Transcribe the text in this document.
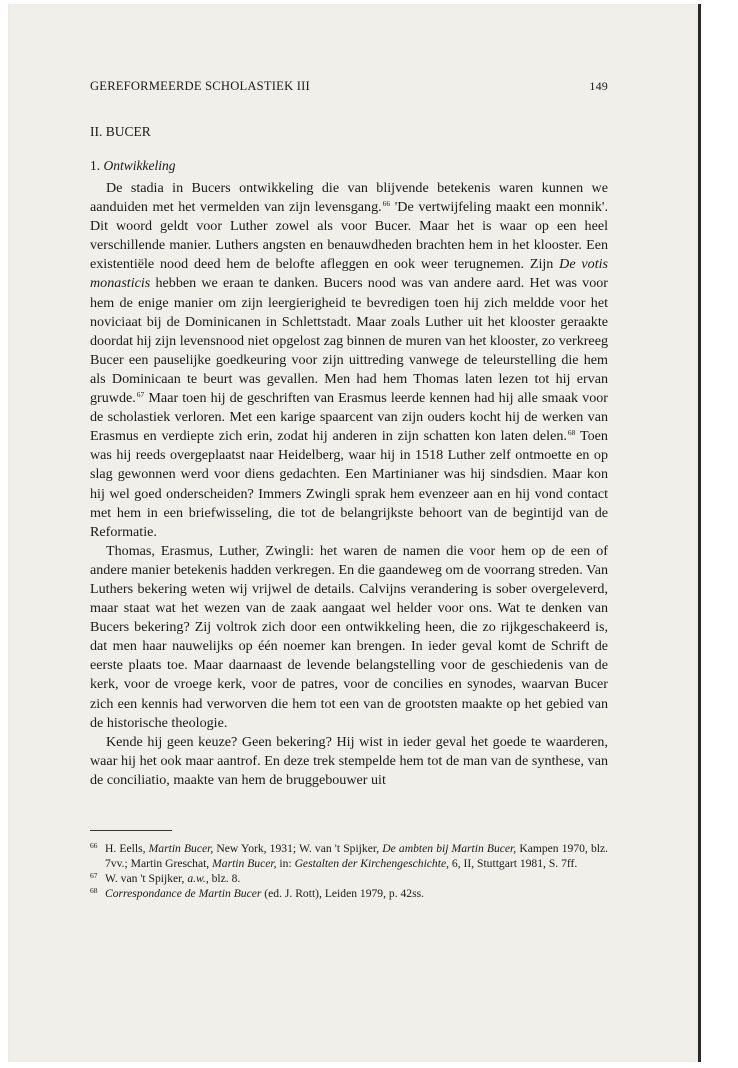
GEREFORMEERDE SCHOLASTIEK III	149
II. BUCER
1. Ontwikkeling

De stadia in Bucers ontwikkeling die van blijvende betekenis waren kunnen we aanduiden met het vermelden van zijn levensgang.$^{66}$ 'De vertwijfeling maakt een monnik'. Dit woord geldt voor Luther zowel als voor Bucer. Maar het is waar op een heel verschillende manier. Luthers angsten en benauwdheden brachten hem in het klooster. Een existentiële nood deed hem de belofte afleggen en ook weer terugnemen. Zijn De votis monasticis hebben we eraan te danken. Bucers nood was van andere aard. Het was voor hem de enige manier om zijn leergierigheid te bevredigen toen hij zich meldde voor het noviciaat bij de Dominicanen in Schlettstadt. Maar zoals Luther uit het klooster geraakte doordat hij zijn levensnood niet opgelost zag binnen de muren van het klooster, zo verkreeg Bucer een pauselijke goedkeuring voor zijn uittreding vanwege de teleurstelling die hem als Dominicaan te beurt was gevallen. Men had hem Thomas laten lezen tot hij ervan gruwde.$^{67}$ Maar toen hij de geschriften van Erasmus leerde kennen had hij alle smaak voor de scholastiek verloren. Met een karige spaarcent van zijn ouders kocht hij de werken van Erasmus en verdiepte zich erin, zodat hij anderen in zijn schatten kon laten delen.$^{68}$ Toen was hij reeds overgeplaatst naar Heidelberg, waar hij in 1518 Luther zelf ontmoette en op slag gewonnen werd voor diens gedachten. Een Martinianer was hij sindsdien. Maar kon hij wel goed onderscheiden? Immers Zwingli sprak hem evenzeer aan en hij vond contact met hem in een briefwisseling, die tot de belangrijkste behoort van de begintijd van de Reformatie.

Thomas, Erasmus, Luther, Zwingli: het waren de namen die voor hem op de een of andere manier betekenis hadden verkregen. En die gaandeweg om de voorrang streden. Van Luthers bekering weten wij vrijwel de details. Calvijns verandering is sober overgeleverd, maar staat wat het wezen van de zaak aangaat wel helder voor ons. Wat te denken van Bucers bekering? Zij voltrok zich door een ontwikkeling heen, die zo rijkgeschakeerd is, dat men haar nauwelijks op één noemer kan brengen. In ieder geval komt de Schrift de eerste plaats toe. Maar daarnaast de levende belangstelling voor de geschiedenis van de kerk, voor de vroege kerk, voor de patres, voor de concilies en synodes, waarvan Bucer zich een kennis had verworven die hem tot een van de grootsten maakte op het gebied van de historische theologie.

Kende hij geen keuze? Geen bekering? Hij wist in ieder geval het goede te waarderen, waar hij het ook maar aantrof. En deze trek stempelde hem tot de man van de synthese, van de conciliatio, maakte van hem de bruggebouwer uit

66 H. Eells, Martin Bucer, New York, 1931; W. van 't Spijker, De ambten bij Martin Bucer, Kampen 1970, blz. 7vv.; Martin Greschat, Martin Bucer, in: Gestalten der Kirchengeschichte, 6, II, Stuttgart 1981, S. 7ff.
67 W. van 't Spijker, a.w., blz. 8.
68 Correspondance de Martin Bucer (ed. J. Rott), Leiden 1979, p. 42ss.
